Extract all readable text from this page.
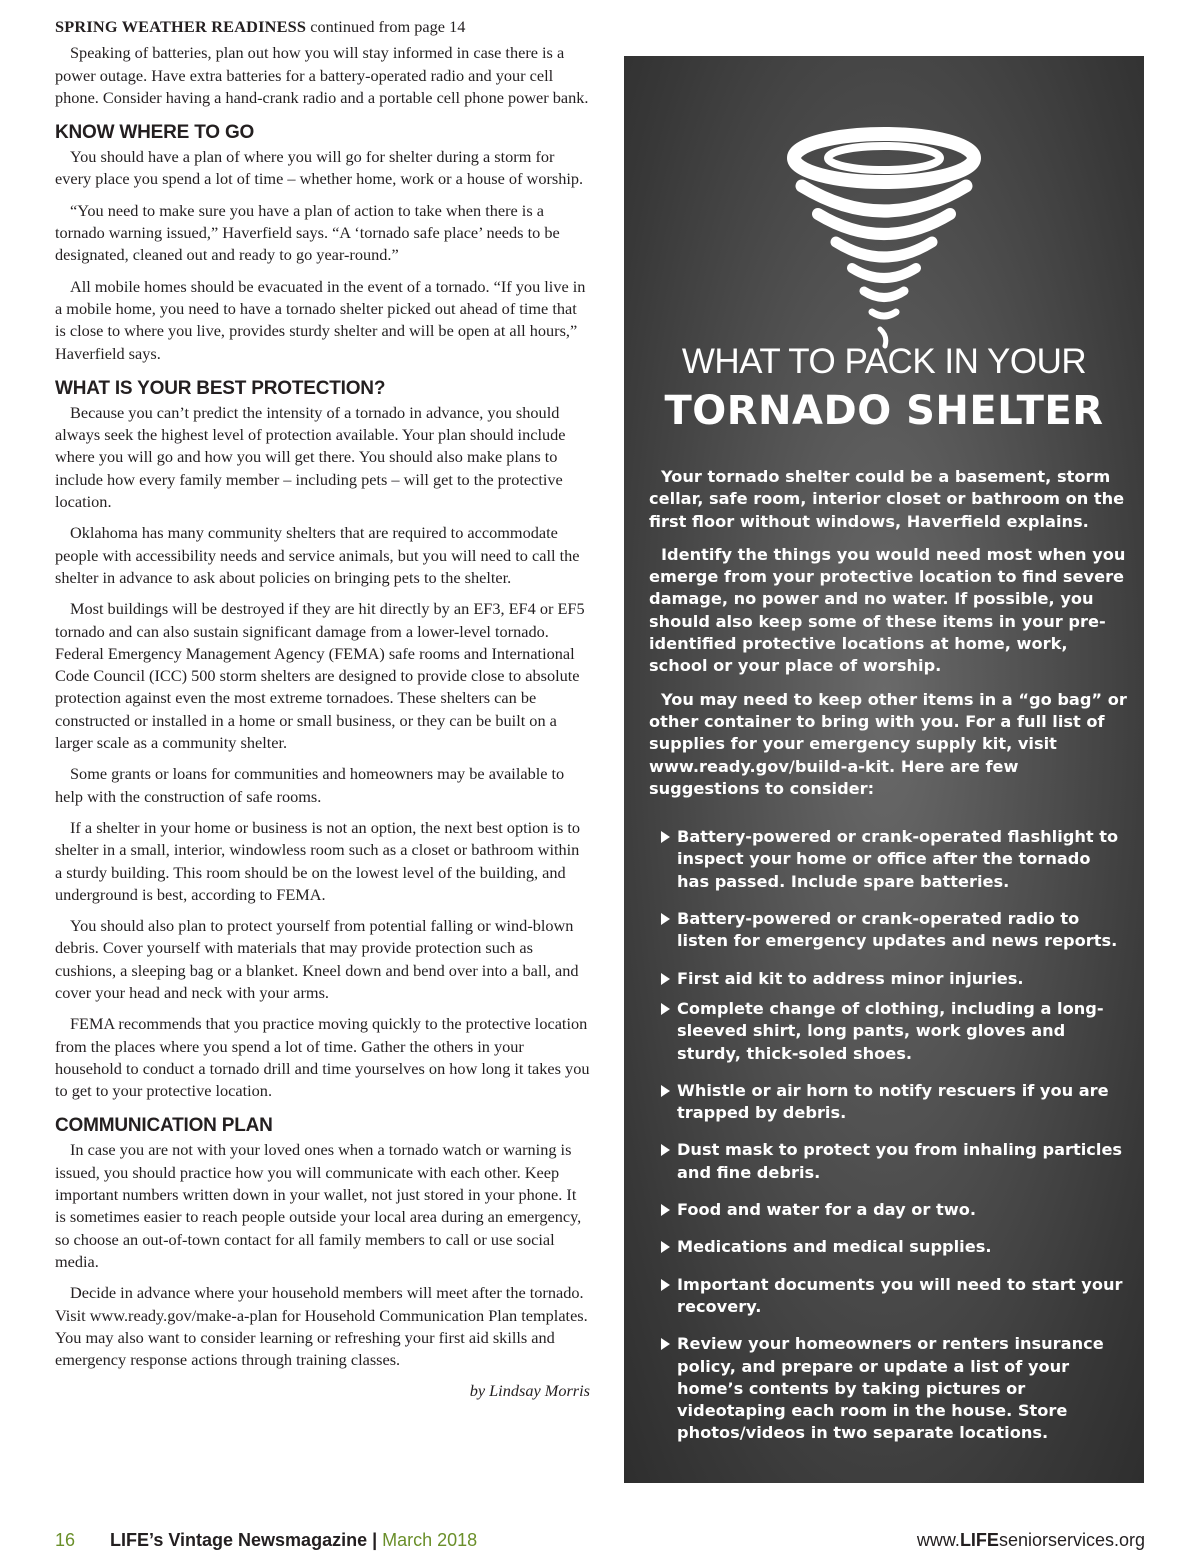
SPRING WEATHER READINESS continued from page 14

Speaking of batteries, plan out how you will stay informed in case there is a power outage. Have extra batteries for a battery-operated radio and your cell phone. Consider having a hand-crank radio and a portable cell phone power bank.

KNOW WHERE TO GO

You should have a plan of where you will go for shelter during a storm for every place you spend a lot of time – whether home, work or a house of worship.

“You need to make sure you have a plan of action to take when there is a tornado warning issued,” Haverfield says. “A ‘tornado safe place’ needs to be designated, cleaned out and ready to go year-round.”

All mobile homes should be evacuated in the event of a tornado. “If you live in a mobile home, you need to have a tornado shelter picked out ahead of time that is close to where you live, provides sturdy shelter and will be open at all hours,” Haverfield says.

WHAT IS YOUR BEST PROTECTION?

Because you can’t predict the intensity of a tornado in advance, you should always seek the highest level of protection available. Your plan should include where you will go and how you will get there. You should also make plans to include how every family member – including pets – will get to the protective location.

Oklahoma has many community shelters that are required to accommodate people with accessibility needs and service animals, but you will need to call the shelter in advance to ask about policies on bringing pets to the shelter.

Most buildings will be destroyed if they are hit directly by an EF3, EF4 or EF5 tornado and can also sustain significant damage from a lower-level tornado. Federal Emergency Management Agency (FEMA) safe rooms and International Code Council (ICC) 500 storm shelters are designed to provide close to absolute protection against even the most extreme tornadoes. These shelters can be constructed or installed in a home or small business, or they can be built on a larger scale as a community shelter.

Some grants or loans for communities and homeowners may be available to help with the construction of safe rooms.

If a shelter in your home or business is not an option, the next best option is to shelter in a small, interior, windowless room such as a closet or bathroom within a sturdy building. This room should be on the lowest level of the building, and underground is best, according to FEMA.

You should also plan to protect yourself from potential falling or wind-blown debris. Cover yourself with materials that may provide protection such as cushions, a sleeping bag or a blanket. Kneel down and bend over into a ball, and cover your head and neck with your arms.

FEMA recommends that you practice moving quickly to the protective location from the places where you spend a lot of time. Gather the others in your household to conduct a tornado drill and time yourselves on how long it takes you to get to your protective location.

COMMUNICATION PLAN

In case you are not with your loved ones when a tornado watch or warning is issued, you should practice how you will communicate with each other. Keep important numbers written down in your wallet, not just stored in your phone. It is sometimes easier to reach people outside your local area during an emergency, so choose an out-of-town contact for all family members to call or use social media.

Decide in advance where your household members will meet after the tornado. Visit www.ready.gov/make-a-plan for Household Communication Plan templates. You may also want to consider learning or refreshing your first aid skills and emergency response actions through training classes.

by Lindsay Morris
WHAT TO PACK IN YOUR
TORNADO SHELTER

Your tornado shelter could be a basement, storm cellar, safe room, interior closet or bathroom on the first floor without windows, Haverfield explains.

Identify the things you would need most when you emerge from your protective location to find severe damage, no power and no water. If possible, you should also keep some of these items in your pre-identified protective locations at home, work, school or your place of worship.

You may need to keep other items in a “go bag” or other container to bring with you. For a full list of supplies for your emergency supply kit, visit www.ready.gov/build-a-kit. Here are few suggestions to consider:

Battery-powered or crank-operated flashlight to inspect your home or office after the tornado has passed. Include spare batteries.
Battery-powered or crank-operated radio to listen for emergency updates and news reports.
First aid kit to address minor injuries.
Complete change of clothing, including a long-sleeved shirt, long pants, work gloves and sturdy, thick-soled shoes.
Whistle or air horn to notify rescuers if you are trapped by debris.
Dust mask to protect you from inhaling particles and fine debris.
Food and water for a day or two.
Medications and medical supplies.
Important documents you will need to start your recovery.
Review your homeowners or renters insurance policy, and prepare or update a list of your home’s contents by taking pictures or videotaping each room in the house. Store photos/videos in two separate locations.
16 LIFE’s Vintage Newsmagazine | March 2018	www.LIFEseniorservices.org
